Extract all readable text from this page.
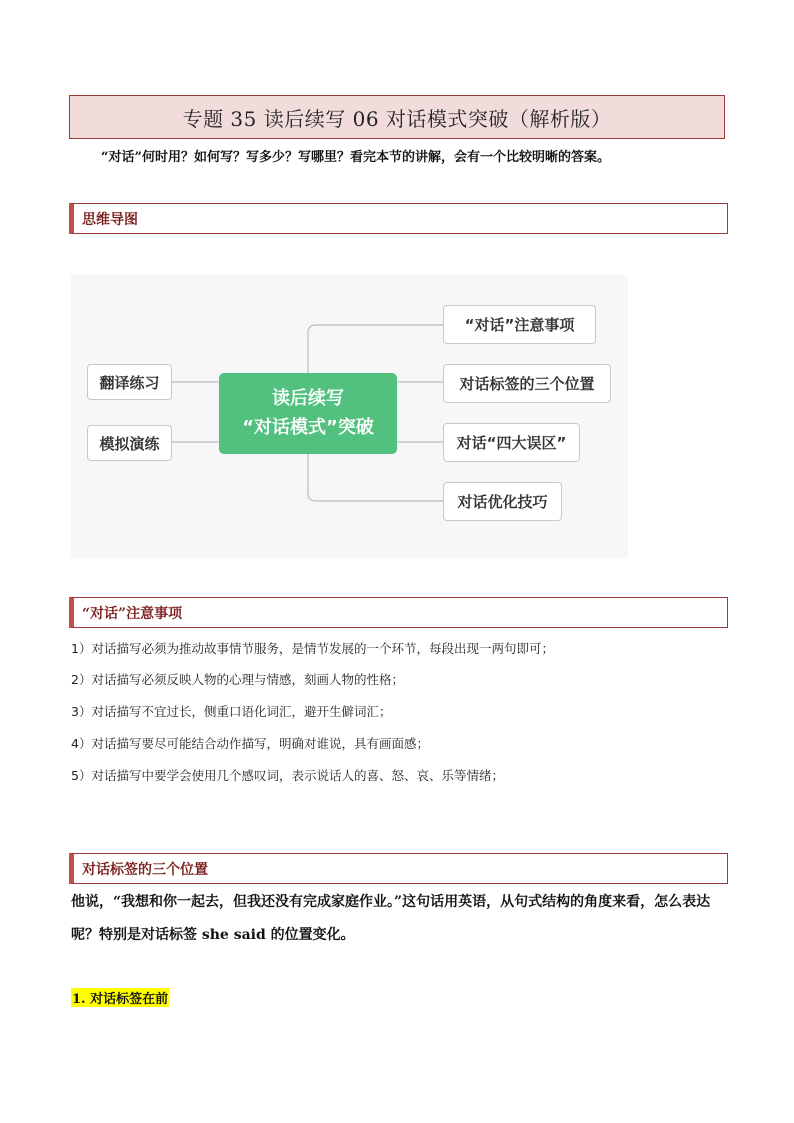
专题 35 读后续写 06 对话模式突破（解析版）
“对话”何时用？如何写？写多少？写哪里？看完本节的讲解，会有一个比较明晰的答案。
思维导图
翻译练习
模拟演练
读后续写
“对话模式”突破
“对话”注意事项
对话标签的三个位置
对话“四大误区”
对话优化技巧
“对话”注意事项
1）对话描写必须为推动故事情节服务，是情节发展的一个环节，每段出现一两句即可；
2）对话描写必须反映人物的心理与情感，刻画人物的性格；
3）对话描写不宜过长，侧重口语化词汇，避开生僻词汇；
4）对话描写要尽可能结合动作描写，明确对谁说，具有画面感；
5）对话描写中要学会使用几个感叹词，表示说话人的喜、怒、哀、乐等情绪；
对话标签的三个位置
他说，“我想和你一起去，但我还没有完成家庭作业。”这句话用英语，从句式结构的角度来看，怎么表达呢？特别是对话标签 she said 的位置变化。
1. 对话标签在前
